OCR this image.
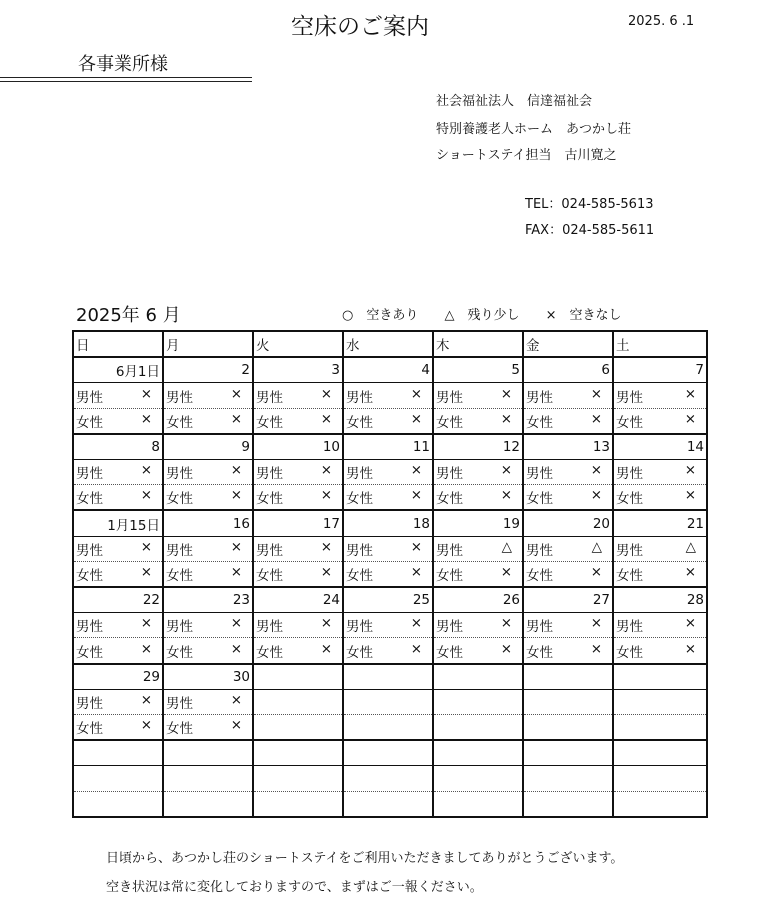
空床のご案内	2025. 6 .1
各事業所様
社会福祉法人　信達福祉会
特別養護老人ホーム　あつかし荘
ショートステイ担当　古川寛之
TEL：024-585-5613
FAX：024-585-5611
2025年 6 月	○　空きあり △　残り少し ×　空きなし
日	月	火	水	木	金	土
6月1日	2	3	4	5	6	7

男性 ×	男性 ×	男性 ×	男性 ×	男性 ×	男性 ×	男性 ×

女性 ×	女性 ×	女性 ×	女性 ×	女性 ×	女性 ×	女性 ×

8	9	10	11	12	13	14

男性 ×	男性 ×	男性 ×	男性 ×	男性 ×	男性 ×	男性 ×

女性 ×	女性 ×	女性 ×	女性 ×	女性 ×	女性 ×	女性 ×

1月15日	16	17	18	19	20	21

男性 ×	男性 ×	男性 ×	男性 ×	男性 △	男性 △	男性 △

女性 ×	女性 ×	女性 ×	女性 ×	女性 ×	女性 ×	女性 ×

22	23	24	25	26	27	28

男性 ×	男性 ×	男性 ×	男性 ×	男性 ×	男性 ×	男性 ×

女性 ×	女性 ×	女性 ×	女性 ×	女性 ×	女性 ×	女性 ×

29	30					

男性 ×	男性 ×					

女性 ×	女性 ×					

日頃から、あつかし荘のショートステイをご利用いただきましてありがとうございます。
空き状況は常に変化しておりますので、まずはご一報ください。
